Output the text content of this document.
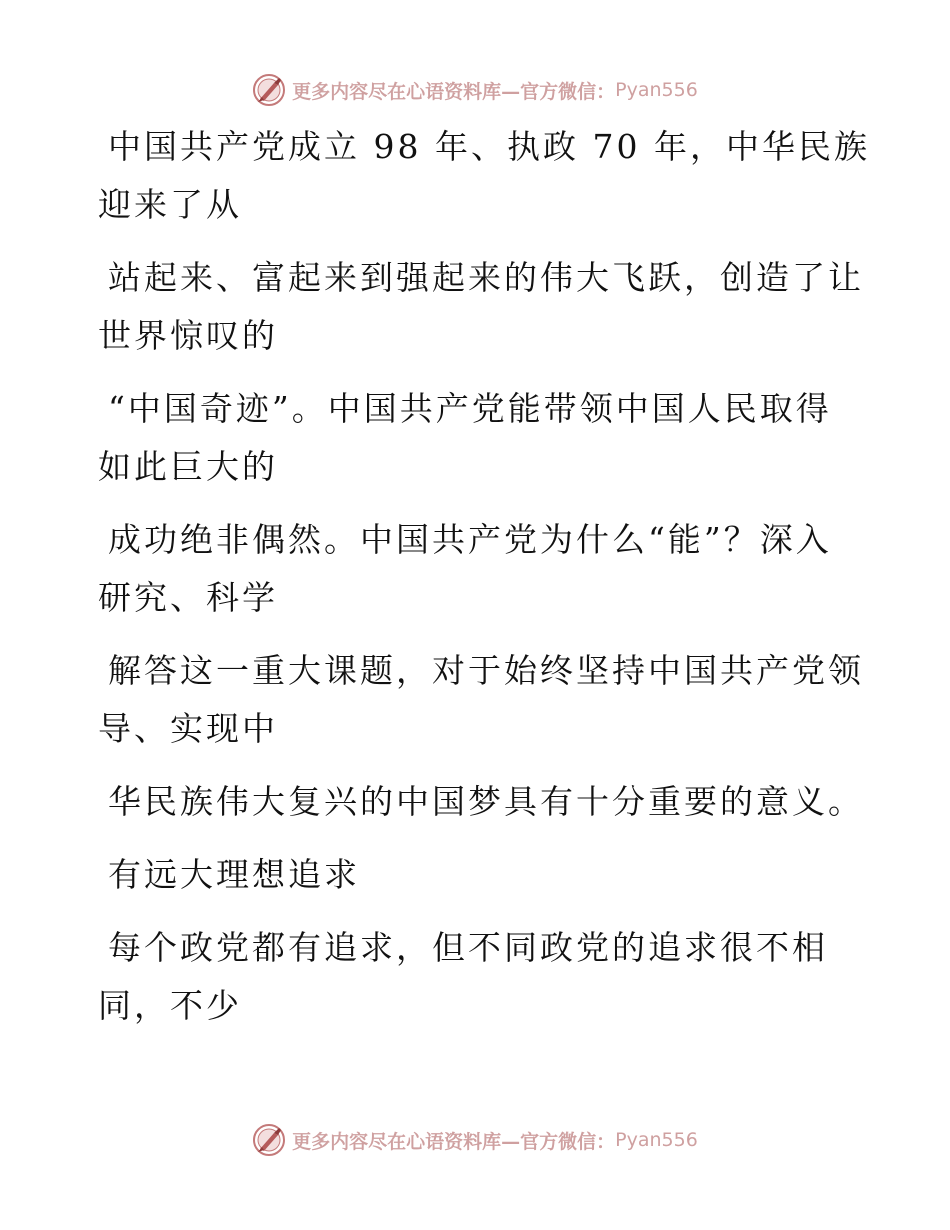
更多内容尽在心语资料库—官方微信： Pyan556

中国共产党成立 98 年、执政 70 年，中华民族
迎来了从

站起来、富起来到强起来的伟大飞跃，创造了让
世界惊叹的

“中国奇迹”。中国共产党能带领中国人民取得
如此巨大的

成功绝非偶然。中国共产党为什么“能”？深入
研究、科学

解答这一重大课题，对于始终坚持中国共产党领
导、实现中

华民族伟大复兴的中国梦具有十分重要的意义。

有远大理想追求

每个政党都有追求，但不同政党的追求很不相
同，不少

更多内容尽在心语资料库—官方微信： Pyan556
